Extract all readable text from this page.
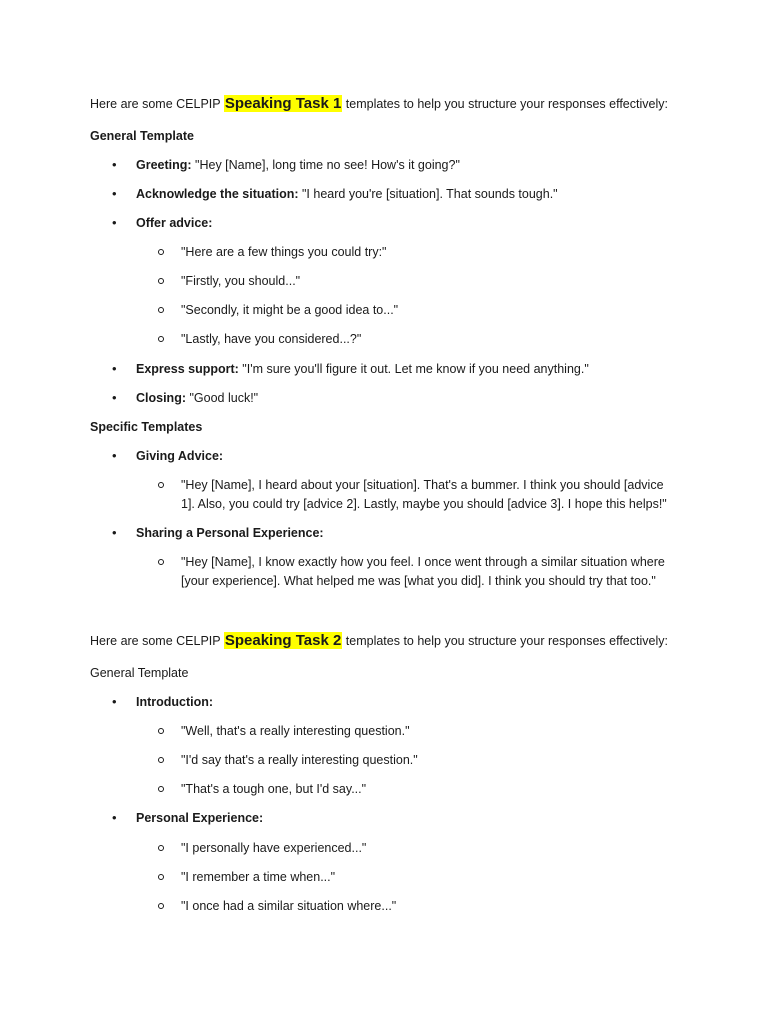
Here are some CELPIP Speaking Task 1 templates to help you structure your responses effectively:
General Template
• Greeting: "Hey [Name], long time no see! How's it going?"
• Acknowledge the situation: "I heard you're [situation]. That sounds tough."
• Offer advice:
"Here are a few things you could try:"
"Firstly, you should..."
"Secondly, it might be a good idea to..."
"Lastly, have you considered...?"
• Express support: "I'm sure you'll figure it out. Let me know if you need anything."
• Closing: "Good luck!"
Specific Templates
• Giving Advice:
"Hey [Name], I heard about your [situation]. That's a bummer. I think you should [advice
1]. Also, you could try [advice 2]. Lastly, maybe you should [advice 3]. I hope this helps!"
• Sharing a Personal Experience:
"Hey [Name], I know exactly how you feel. I once went through a similar situation where
[your experience]. What helped me was [what you did]. I think you should try that too."
Here are some CELPIP Speaking Task 2 templates to help you structure your responses effectively:
General Template
• Introduction:
"Well, that's a really interesting question."
"I'd say that's a really interesting question."
"That's a tough one, but I'd say..."
• Personal Experience:
"I personally have experienced..."
"I remember a time when..."
"I once had a similar situation where..."
